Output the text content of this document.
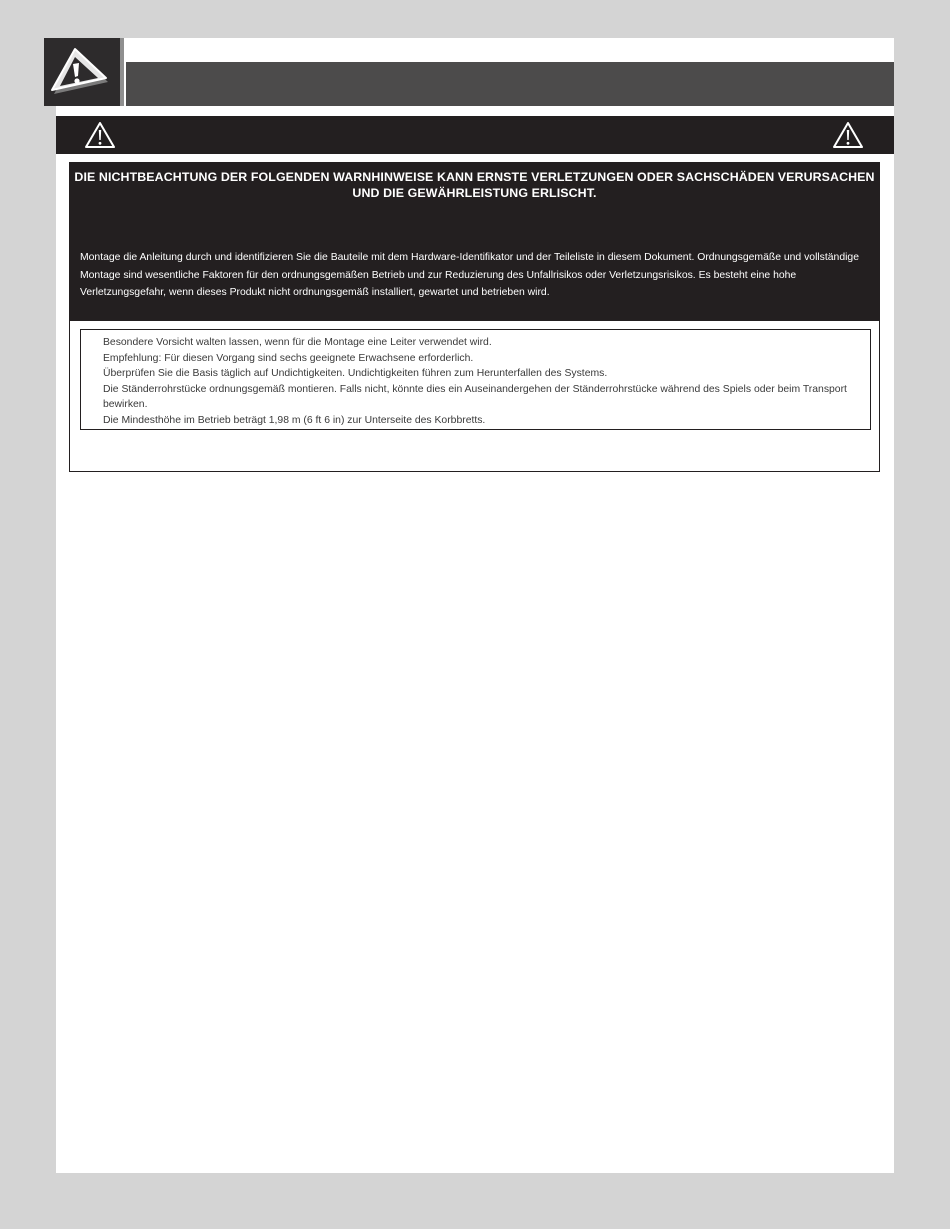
DIE NICHTBEACHTUNG DER FOLGENDEN WARNHINWEISE KANN ERNSTE VERLETZUNGEN ODER SACHSCHÄDEN VERURSACHEN UND DIE GEWÄHRLEISTUNG ERLISCHT.
Montage die Anleitung durch und identifizieren Sie die Bauteile mit dem Hardware-Identifikator und der Teileliste in diesem Dokument. Ordnungsgemäße und vollständige Montage sind wesentliche Faktoren für den ordnungsgemäßen Betrieb und zur Reduzierung des Unfallrisikos oder Verletzungsrisikos. Es besteht eine hohe Verletzungsgefahr, wenn dieses Produkt nicht ordnungsgemäß installiert, gewartet und betrieben wird.
Besondere Vorsicht walten lassen, wenn für die Montage eine Leiter verwendet wird.
Empfehlung: Für diesen Vorgang sind sechs geeignete Erwachsene erforderlich.
Überprüfen Sie die Basis täglich auf Undichtigkeiten. Undichtigkeiten führen zum Herunterfallen des Systems.
Die Ständerrohrstücke ordnungsgemäß montieren. Falls nicht, könnte dies ein Auseinandergehen der Ständerrohrstücke während des Spiels oder beim Transport bewirken.
Die Mindesthöhe im Betrieb beträgt 1,98 m (6 ft 6 in) zur Unterseite des Korbbretts.
